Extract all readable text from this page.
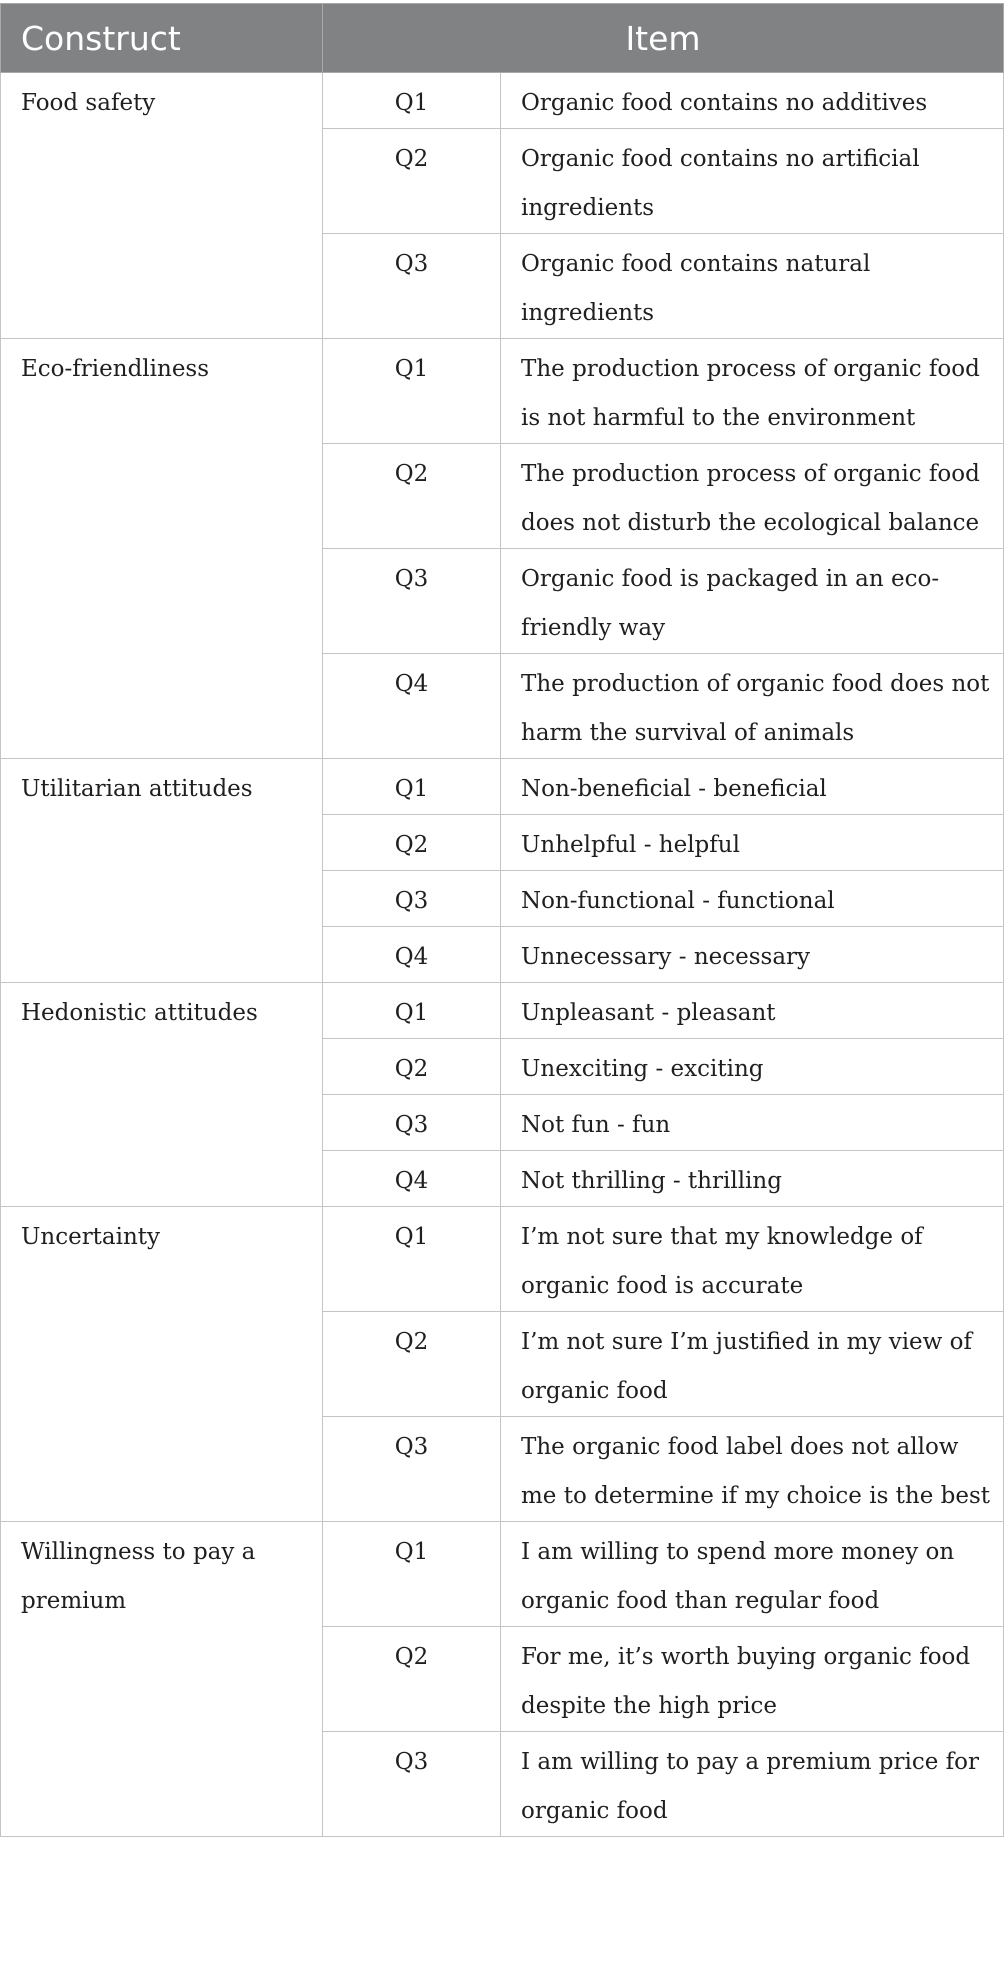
Construct	Item	
Food safety	Q1	Organic food contains no additives
	Q2	Organic food contains no artificial ingredients
	Q3	Organic food contains natural ingredients
Eco-friendliness	Q1	The production process of organic food is not harmful to the environment
	Q2	The production process of organic food does not disturb the ecological balance
	Q3	Organic food is packaged in an eco-friendly way
	Q4	The production of organic food does not harm the survival of animals
Utilitarian attitudes	Q1	Non-beneficial - beneficial
	Q2	Unhelpful - helpful
	Q3	Non-functional - functional
	Q4	Unnecessary - necessary
Hedonistic attitudes	Q1	Unpleasant - pleasant
	Q2	Unexciting - exciting
	Q3	Not fun - fun
	Q4	Not thrilling - thrilling
Uncertainty	Q1	I’m not sure that my knowledge of organic food is accurate
	Q2	I’m not sure I’m justified in my view of organic food
	Q3	The organic food label does not allow me to determine if my choice is the best
Willingness to pay a premium	Q1	I am willing to spend more money on organic food than regular food
	Q2	For me, it’s worth buying organic food despite the high price
	Q3	I am willing to pay a premium price for organic food
